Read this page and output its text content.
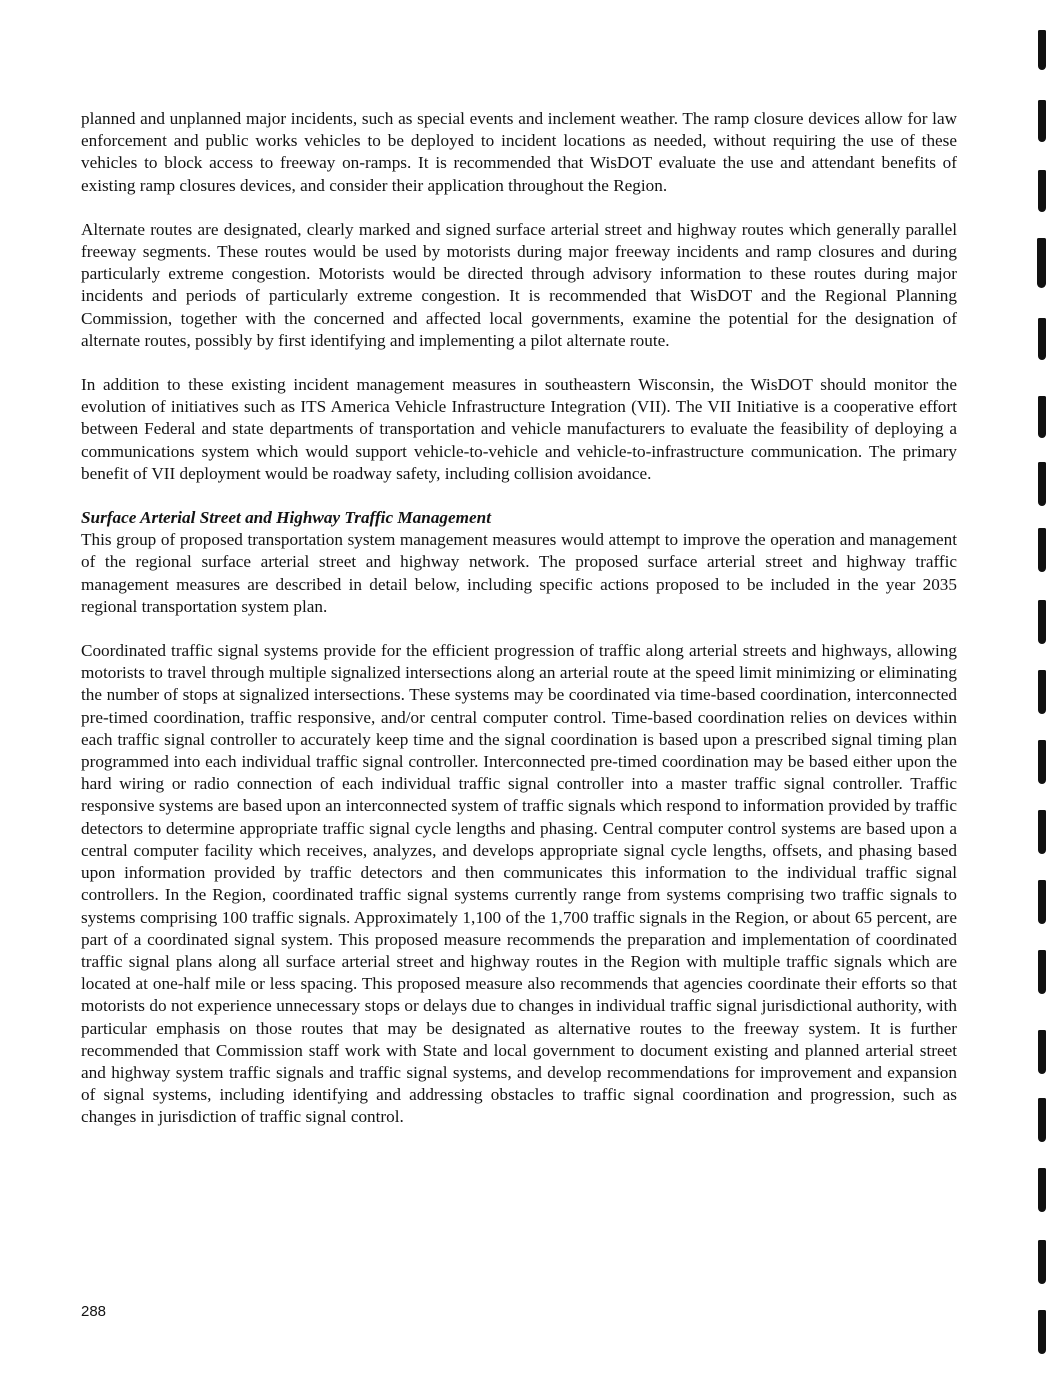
planned and unplanned major incidents, such as special events and inclement weather. The ramp closure devices allow for law enforcement and public works vehicles to be deployed to incident locations as needed, without requiring the use of these vehicles to block access to freeway on-ramps. It is recommended that WisDOT evaluate the use and attendant benefits of existing ramp closures devices, and consider their application throughout the Region.

Alternate routes are designated, clearly marked and signed surface arterial street and highway routes which generally parallel freeway segments. These routes would be used by motorists during major freeway incidents and ramp closures and during particularly extreme congestion. Motorists would be directed through advisory information to these routes during major incidents and periods of particularly extreme congestion. It is recommended that WisDOT and the Regional Planning Commission, together with the concerned and affected local governments, examine the potential for the designation of alternate routes, possibly by first identifying and implementing a pilot alternate route.

In addition to these existing incident management measures in southeastern Wisconsin, the WisDOT should monitor the evolution of initiatives such as ITS America Vehicle Infrastructure Integration (VII). The VII Initiative is a cooperative effort between Federal and state departments of transportation and vehicle manufacturers to evaluate the feasibility of deploying a communications system which would support vehicle-to-vehicle and vehicle-to-infrastructure communication. The primary benefit of VII deployment would be roadway safety, including collision avoidance.

Surface Arterial Street and Highway Traffic Management

This group of proposed transportation system management measures would attempt to improve the operation and management of the regional surface arterial street and highway network. The proposed surface arterial street and highway traffic management measures are described in detail below, including specific actions proposed to be included in the year 2035 regional transportation system plan.

Coordinated traffic signal systems provide for the efficient progression of traffic along arterial streets and highways, allowing motorists to travel through multiple signalized intersections along an arterial route at the speed limit minimizing or eliminating the number of stops at signalized intersections. These systems may be coordinated via time-based coordination, interconnected pre-timed coordination, traffic responsive, and/or central computer control. Time-based coordination relies on devices within each traffic signal controller to accurately keep time and the signal coordination is based upon a prescribed signal timing plan programmed into each individual traffic signal controller. Interconnected pre-timed coordination may be based either upon the hard wiring or radio connection of each individual traffic signal controller into a master traffic signal controller. Traffic responsive systems are based upon an interconnected system of traffic signals which respond to information provided by traffic detectors to determine appropriate traffic signal cycle lengths and phasing. Central computer control systems are based upon a central computer facility which receives, analyzes, and develops appropriate signal cycle lengths, offsets, and phasing based upon information provided by traffic detectors and then communicates this information to the individual traffic signal controllers. In the Region, coordinated traffic signal systems currently range from systems comprising two traffic signals to systems comprising 100 traffic signals. Approximately 1,100 of the 1,700 traffic signals in the Region, or about 65 percent, are part of a coordinated signal system. This proposed measure recommends the preparation and implementation of coordinated traffic signal plans along all surface arterial street and highway routes in the Region with multiple traffic signals which are located at one-half mile or less spacing. This proposed measure also recommends that agencies coordinate their efforts so that motorists do not experience unnecessary stops or delays due to changes in individual traffic signal jurisdictional authority, with particular emphasis on those routes that may be designated as alternative routes to the freeway system. It is further recommended that Commission staff work with State and local government to document existing and planned arterial street and highway system traffic signals and traffic signal systems, and develop recommendations for improvement and expansion of signal systems, including identifying and addressing obstacles to traffic signal coordination and progression, such as changes in jurisdiction of traffic signal control.

288
